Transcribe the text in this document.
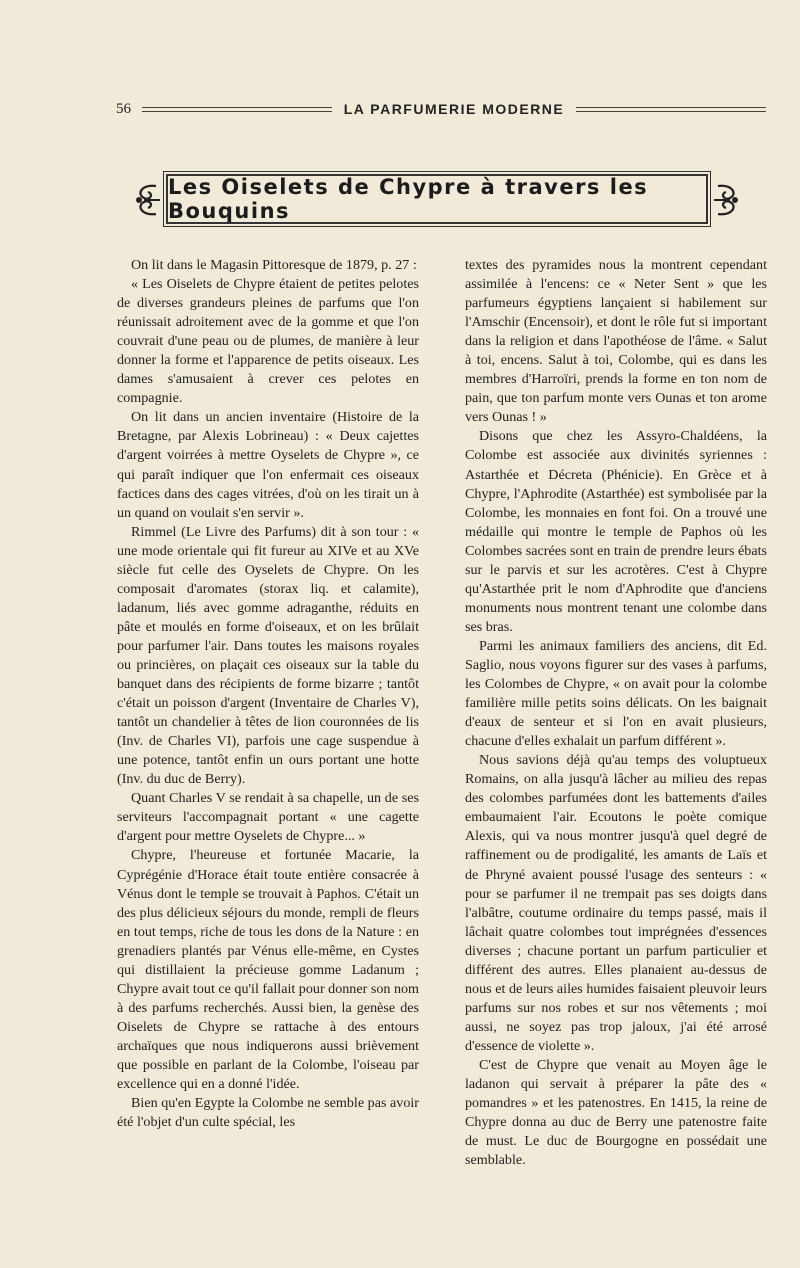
56	LA PARFUMERIE MODERNE
Les Oiselets de Chypre à travers les Bouquins

On lit dans le Magasin Pittoresque de 1879, p. 27 :

« Les Oiselets de Chypre étaient de petites pelotes de diverses grandeurs pleines de parfums que l'on réunissait adroitement avec de la gomme et que l'on couvrait d'une peau ou de plumes, de manière à leur donner la forme et l'apparence de petits oiseaux. Les dames s'amusaient à crever ces pelotes en compagnie.

On lit dans un ancien inventaire (Histoire de la Bretagne, par Alexis Lobrineau) : « Deux cajettes d'argent voirrées à mettre Oyselets de Chypre », ce qui paraît indiquer que l'on enfermait ces oiseaux factices dans des cages vitrées, d'où on les tirait un à un quand on voulait s'en servir ».

Rimmel (Le Livre des Parfums) dit à son tour : « une mode orientale qui fit fureur au XIVe et au XVe siècle fut celle des Oyselets de Chypre. On les composait d'aromates (storax liq. et calamite), ladanum, liés avec gomme adraganthe, réduits en pâte et moulés en forme d'oiseaux, et on les brûlait pour parfumer l'air. Dans toutes les maisons royales ou princières, on plaçait ces oiseaux sur la table du banquet dans des récipients de forme bizarre ; tantôt c'était un poisson d'argent (Inventaire de Charles V), tantôt un chandelier à têtes de lion couronnées de lis (Inv. de Charles VI), parfois une cage suspendue à une potence, tantôt enfin un ours portant une hotte (Inv. du duc de Berry).

Quant Charles V se rendait à sa chapelle, un de ses serviteurs l'accompagnait portant « une cagette d'argent pour mettre Oyselets de Chypre... »

Chypre, l'heureuse et fortunée Macarie, la Cyprégénie d'Horace était toute entière consacrée à Vénus dont le temple se trouvait à Paphos. C'était un des plus délicieux séjours du monde, rempli de fleurs en tout temps, riche de tous les dons de la Nature : en grenadiers plantés par Vénus elle-même, en Cystes qui distillaient la précieuse gomme Ladanum ; Chypre avait tout ce qu'il fallait pour donner son nom à des parfums recherchés. Aussi bien, la genèse des Oiselets de Chypre se rattache à des entours archaïques que nous indiquerons aussi brièvement que possible en parlant de la Colombe, l'oiseau par excellence qui en a donné l'idée.

Bien qu'en Egypte la Colombe ne semble pas avoir été l'objet d'un culte spécial, les

textes des pyramides nous la montrent cependant assimilée à l'encens: ce « Neter Sent » que les parfumeurs égyptiens lançaient si habilement sur l'Amschir (Encensoir), et dont le rôle fut si important dans la religion et dans l'apothéose de l'âme. « Salut à toi, encens. Salut à toi, Colombe, qui es dans les membres d'Harroïri, prends la forme en ton nom de pain, que ton parfum monte vers Ounas et ton arome vers Ounas ! »

Disons que chez les Assyro-Chaldéens, la Colombe est associée aux divinités syriennes : Astarthée et Décreta (Phénicie). En Grèce et à Chypre, l'Aphrodite (Astarthée) est symbolisée par la Colombe, les monnaies en font foi. On a trouvé une médaille qui montre le temple de Paphos où les Colombes sacrées sont en train de prendre leurs ébats sur le parvis et sur les acrotères. C'est à Chypre qu'Astarthée prit le nom d'Aphrodite que d'anciens monuments nous montrent tenant une colombe dans ses bras.

Parmi les animaux familiers des anciens, dit Ed. Saglio, nous voyons figurer sur des vases à parfums, les Colombes de Chypre, « on avait pour la colombe familière mille petits soins délicats. On les baignait d'eaux de senteur et si l'on en avait plusieurs, chacune d'elles exhalait un parfum différent ».

Nous savions déjà qu'au temps des voluptueux Romains, on alla jusqu'à lâcher au milieu des repas des colombes parfumées dont les battements d'ailes embaumaient l'air. Ecoutons le poète comique Alexis, qui va nous montrer jusqu'à quel degré de raffinement ou de prodigalité, les amants de Laïs et de Phryné avaient poussé l'usage des senteurs : « pour se parfumer il ne trempait pas ses doigts dans l'albâtre, coutume ordinaire du temps passé, mais il lâchait quatre colombes tout imprégnées d'essences diverses ; chacune portant un parfum particulier et différent des autres. Elles planaient au-dessus de nous et de leurs ailes humides faisaient pleuvoir leurs parfums sur nos robes et sur nos vêtements ; moi aussi, ne soyez pas trop jaloux, j'ai été arrosé d'essence de violette ».

C'est de Chypre que venait au Moyen âge le ladanon qui servait à préparer la pâte des « pomandres » et les patenostres. En 1415, la reine de Chypre donna au duc de Berry une patenostre faite de must. Le duc de Bourgogne en possédait une semblable.
